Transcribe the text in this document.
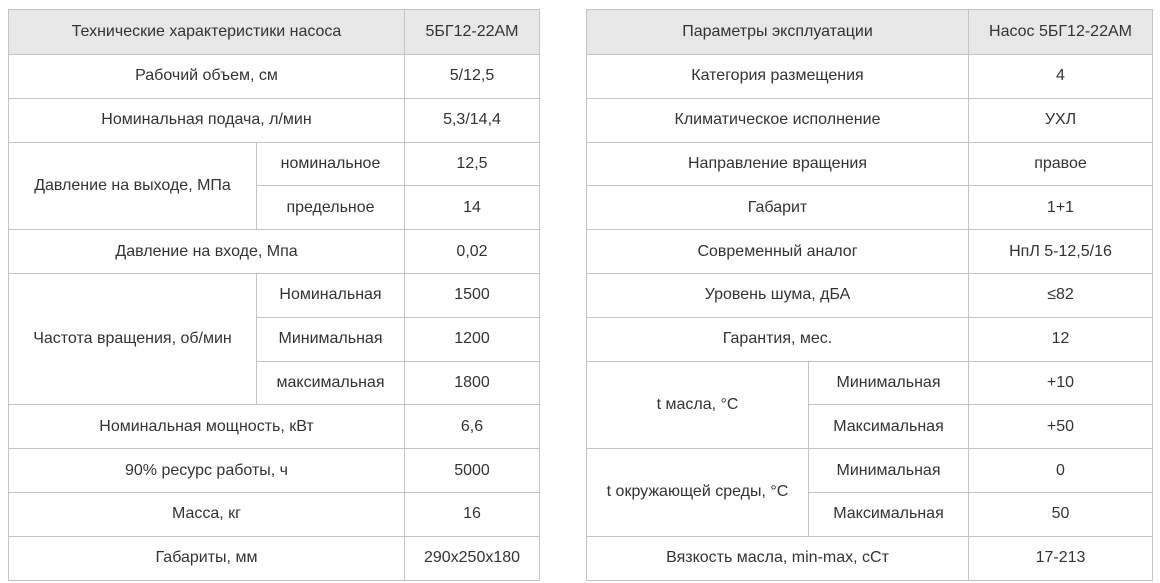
Технические характеристики насоса		5БГ12-22АМ
Рабочий объем, см		5/12,5
Номинальная подача, л/мин		5,3/14,4
Давление на выходе, МПа	номинальное	12,5
	предельное	14
Давление на входе, Мпа		0,02
Частота вращения, об/мин	Номинальная	1500
	Минимальная	1200
	максимальная	1800
Номинальная мощность, кВт		6,6
90% ресурс работы, ч		5000
Масса, кг		16
Габариты, мм		290x250x180
Параметры эксплуатации		Насос 5БГ12-22АМ
Категория размещения		4
Климатическое исполнение		УХЛ
Направление вращения		правое
Габарит		1+1
Современный аналог		НпЛ 5-12,5/16
Уровень шума, дБА		≤82
Гарантия, мес.		12
t масла, °C	Минимальная	+10
	Максимальная	+50
t окружающей среды, °C	Минимальная	0
	Максимальная	50
Вязкость масла, min-max, сСт		17-213
